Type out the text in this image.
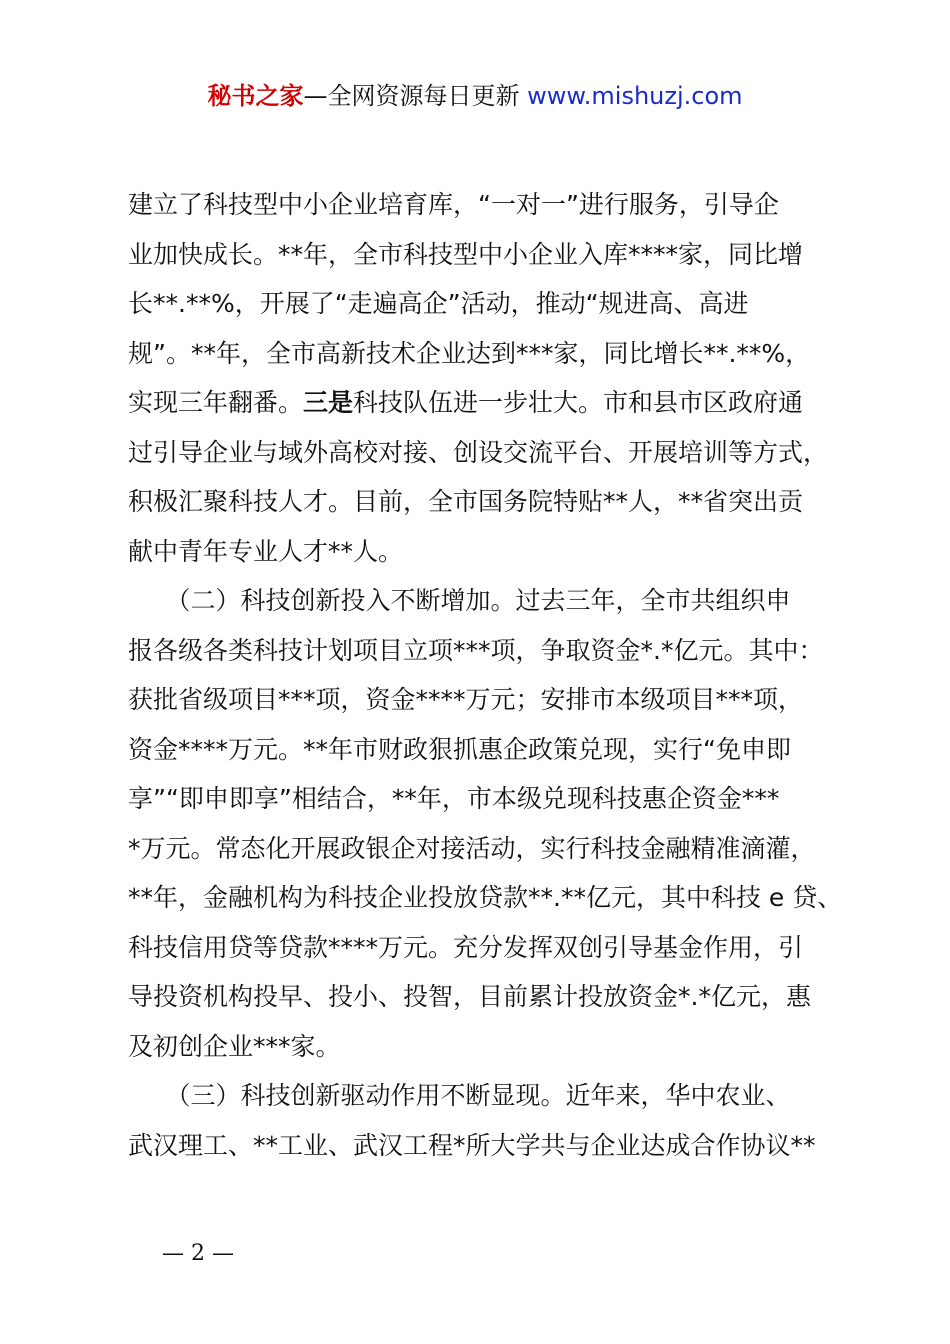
秘书之家—全网资源每日更新 www.mishuzj.com
建立了科技型中小企业培育库，“一对一”进行服务，引导企
业加快成长。**年，全市科技型中小企业入库****家，同比增
长**.**%，开展了“走遍高企”活动，推动“规进高、高进
规”。**年，全市高新技术企业达到***家，同比增长**.**%，
实现三年翻番。三是科技队伍进一步壮大。市和县市区政府通
过引导企业与域外高校对接、创设交流平台、开展培训等方式，
积极汇聚科技人才。目前，全市国务院特贴**人，**省突出贡
献中青年专业人才**人。
　　（二）科技创新投入不断增加。过去三年，全市共组织申
报各级各类科技计划项目立项***项，争取资金*.*亿元。其中：
获批省级项目***项，资金****万元；安排市本级项目***项，
资金****万元。**年市财政狠抓惠企政策兑现，实行“免申即
享”“即申即享”相结合，**年，市本级兑现科技惠企资金***
*万元。常态化开展政银企对接活动，实行科技金融精准滴灌，
**年，金融机构为科技企业投放贷款**.**亿元，其中科技 e 贷、
科技信用贷等贷款****万元。充分发挥双创引导基金作用，引
导投资机构投早、投小、投智，目前累计投放资金*.*亿元，惠
及初创企业***家。
　　（三）科技创新驱动作用不断显现。近年来，华中农业、
武汉理工、**工业、武汉工程*所大学共与企业达成合作协议**
— 2 —
